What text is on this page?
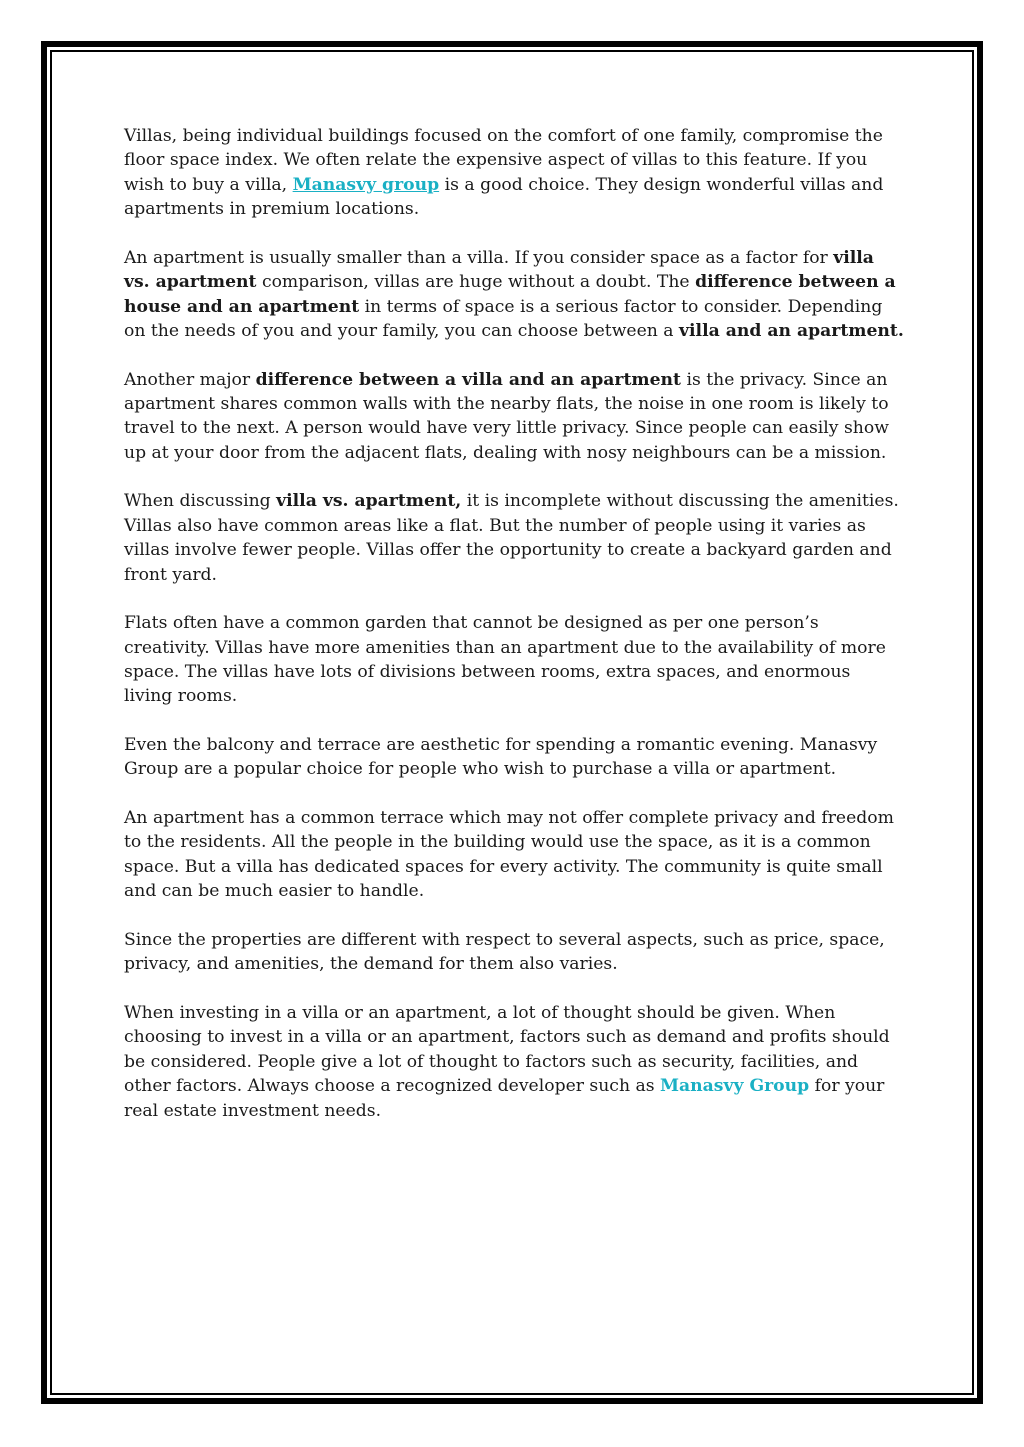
Villas, being individual buildings focused on the comfort of one family, compromise the floor space index. We often relate the expensive aspect of villas to this feature. If you wish to buy a villa, Manasvy group is a good choice. They design wonderful villas and apartments in premium locations.

An apartment is usually smaller than a villa. If you consider space as a factor for villa vs. apartment comparison, villas are huge without a doubt. The difference between a house and an apartment in terms of space is a serious factor to consider. Depending on the needs of you and your family, you can choose between a villa and an apartment.

Another major difference between a villa and an apartment is the privacy. Since an apartment shares common walls with the nearby flats, the noise in one room is likely to travel to the next. A person would have very little privacy. Since people can easily show up at your door from the adjacent flats, dealing with nosy neighbours can be a mission.

When discussing villa vs. apartment, it is incomplete without discussing the amenities. Villas also have common areas like a flat. But the number of people using it varies as villas involve fewer people. Villas offer the opportunity to create a backyard garden and front yard.

Flats often have a common garden that cannot be designed as per one person’s creativity. Villas have more amenities than an apartment due to the availability of more space. The villas have lots of divisions between rooms, extra spaces, and enormous living rooms.

Even the balcony and terrace are aesthetic for spending a romantic evening. Manasvy Group are a popular choice for people who wish to purchase a villa or apartment.

An apartment has a common terrace which may not offer complete privacy and freedom to the residents. All the people in the building would use the space, as it is a common space. But a villa has dedicated spaces for every activity. The community is quite small and can be much easier to handle.

Since the properties are different with respect to several aspects, such as price, space, privacy, and amenities, the demand for them also varies.

When investing in a villa or an apartment, a lot of thought should be given. When choosing to invest in a villa or an apartment, factors such as demand and profits should be considered. People give a lot of thought to factors such as security, facilities, and other factors. Always choose a recognized developer such as Manasvy Group for your real estate investment needs.
